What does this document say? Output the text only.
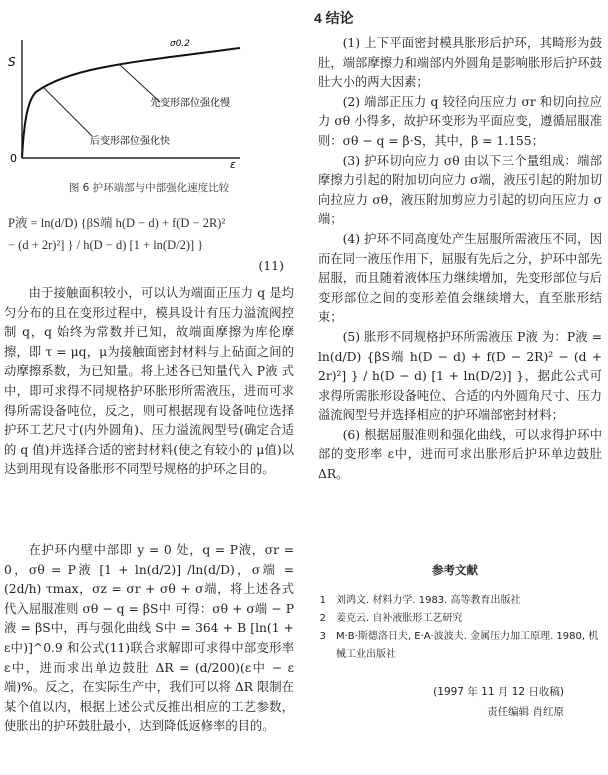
S
0	ε
σ0.2
先变形部位强化慢
后变形部位强化快
图 6 护环端部与中部强化速度比较
P液 = ln(d/D) {βS端 h(D − d) + f(D − 2R)²
− (d + 2r)²] } / h(D − d) [1 + ln(D/2)] }
(11)

由于接触面积较小，可以认为端面正压力 q 是均匀分布的且在变形过程中，模具设计有压力溢流阀控制 q，q 始终为常数并已知，故端面摩擦为库伦摩擦，即 τ = μq，μ为接触面密封材料与上砧面之间的动摩擦系数，为已知量。将上述各已知量代入 P液 式中，即可求得不同规格护环胀形所需液压，进而可求得所需设备吨位，反之，则可根据现有设备吨位选择护环工艺尺寸(内外圆角)、压力溢流阀型号(确定合适的 q 值)并选择合适的密封材料(使之有较小的 μ值)以达到用现有设备胀形不同型号规格的护环之目的。

在护环内壁中部即 y = 0 处，q = P液，σr = 0，σθ = P液 [1 + ln(d/2)] /ln(d/D)，σ端 = (2d/h) τmax，σz = σr + σθ + σ端，将上述各式代入屈服准则 σθ − q = βS中 可得：σθ + σ端 − P液 = βS中，再与强化曲线 S中 = 364 + B [ln(1 + ε中)]^0.9 和公式(11)联合求解即可求得中部变形率 ε中，进而求出单边鼓肚 ΔR = (d/200)(ε中 − ε端)%。反之，在实际生产中，我们可以将 ΔR 限制在某个值以内，根据上述公式反推出相应的工艺参数，使胀出的护环鼓肚最小，达到降低返修率的目的。

4 结论

(1) 上下平面密封模具胀形后护环，其畸形为鼓肚，端部摩擦力和端部内外圆角是影响胀形后护环鼓肚大小的两大因素；

(2) 端部正压力 q 较径向压应力 σr 和切向拉应力 σθ 小得多，故护环变形为平面应变，遵循屈服准则：σθ − q = β·S，其中，β = 1.155；

(3) 护环切向应力 σθ 由以下三个量组成：端部摩擦力引起的附加切向应力 σ端，液压引起的附加切向拉应力 σθ，液压附加剪应力引起的切向压应力 σ端；

(4) 护环不同高度处产生屈服所需液压不同，因而在同一液压作用下，屈服有先后之分，护环中部先屈服，而且随着液体压力继续增加，先变形部位与后变形部位之间的变形差值会继续增大，直至胀形结束；

(5) 胀形不同规格护环所需液压 P液 为：P液 = ln(d/D) {βS端 h(D − d) + f(D − 2R)² − (d + 2r)²] } / h(D − d) [1 + ln(D/2)] }，据此公式可求得所需胀形设备吨位、合适的内外圆角尺寸、压力溢流阀型号并选择相应的护环端部密封材料；

(6) 根据屈服准则和强化曲线，可以求得护环中部的变形率 ε中，进而可求出胀形后护环单边鼓肚 ΔR。

参考文献
1 刘鸿文. 材料力学. 1983. 高等教育出版社
2 姜克云. 自补液胀形工艺研究
3 M·B·斯德洛日夫, E·A·波波夫. 金属压力加工原理. 1980, 机械工业出版社
(1997 年 11 月 12 日收稿)
责任编辑 肖红原
